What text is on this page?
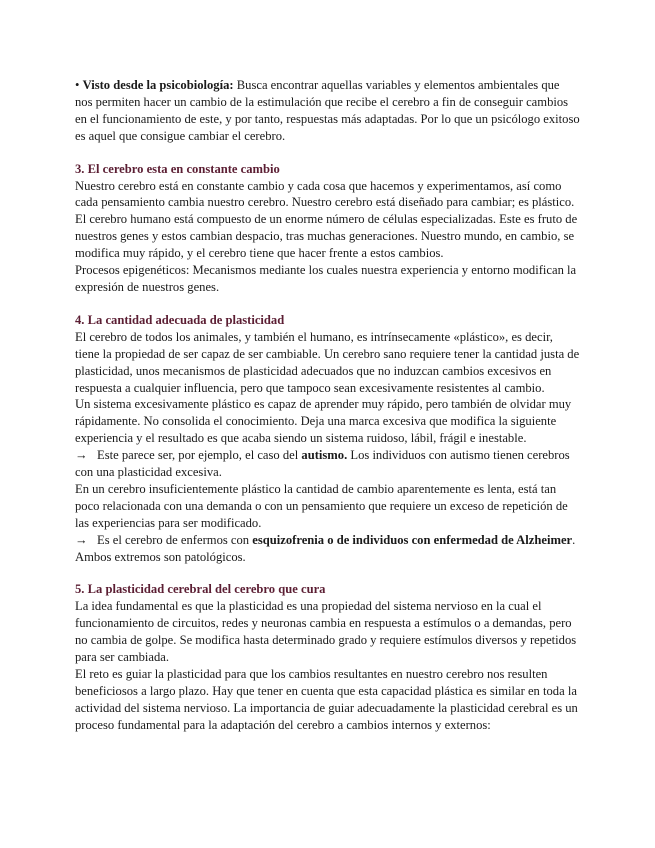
• Visto desde la psicobiología: Busca encontrar aquellas variables y elementos ambientales que nos permiten hacer un cambio de la estimulación que recibe el cerebro a fin de conseguir cambios en el funcionamiento de este, y por tanto, respuestas más adaptadas. Por lo que un psicólogo exitoso es aquel que consigue cambiar el cerebro.

3. El cerebro esta en constante cambio

Nuestro cerebro está en constante cambio y cada cosa que hacemos y experimentamos, así como cada pensamiento cambia nuestro cerebro. Nuestro cerebro está diseñado para cambiar; es plástico.

El cerebro humano está compuesto de un enorme número de células especializadas. Este es fruto de nuestros genes y estos cambian despacio, tras muchas generaciones. Nuestro mundo, en cambio, se modifica muy rápido, y el cerebro tiene que hacer frente a estos cambios.

Procesos epigenéticos: Mecanismos mediante los cuales nuestra experiencia y entorno modifican la expresión de nuestros genes.

4. La cantidad adecuada de plasticidad

El cerebro de todos los animales, y también el humano, es intrínsecamente «plástico», es decir, tiene la propiedad de ser capaz de ser cambiable. Un cerebro sano requiere tener la cantidad justa de plasticidad, unos mecanismos de plasticidad adecuados que no induzcan cambios excesivos en respuesta a cualquier influencia, pero que tampoco sean excesivamente resistentes al cambio.

Un sistema excesivamente plástico es capaz de aprender muy rápido, pero también de olvidar muy rápidamente. No consolida el conocimiento. Deja una marca excesiva que modifica la siguiente experiencia y el resultado es que acaba siendo un sistema ruidoso, lábil, frágil e inestable.

→ Este parece ser, por ejemplo, el caso del autismo. Los individuos con autismo tienen cerebros con una plasticidad excesiva.

En un cerebro insuficientemente plástico la cantidad de cambio aparentemente es lenta, está tan poco relacionada con una demanda o con un pensamiento que requiere un exceso de repetición de las experiencias para ser modificado.

→ Es el cerebro de enfermos con esquizofrenia o de individuos con enfermedad de Alzheimer. Ambos extremos son patológicos.

5. La plasticidad cerebral del cerebro que cura

La idea fundamental es que la plasticidad es una propiedad del sistema nervioso en la cual el funcionamiento de circuitos, redes y neuronas cambia en respuesta a estímulos o a demandas, pero no cambia de golpe. Se modifica hasta determinado grado y requiere estímulos diversos y repetidos para ser cambiada.

El reto es guiar la plasticidad para que los cambios resultantes en nuestro cerebro nos resulten beneficiosos a largo plazo. Hay que tener en cuenta que esta capacidad plástica es similar en toda la actividad del sistema nervioso. La importancia de guiar adecuadamente la plasticidad cerebral es un proceso fundamental para la adaptación del cerebro a cambios internos y externos:
